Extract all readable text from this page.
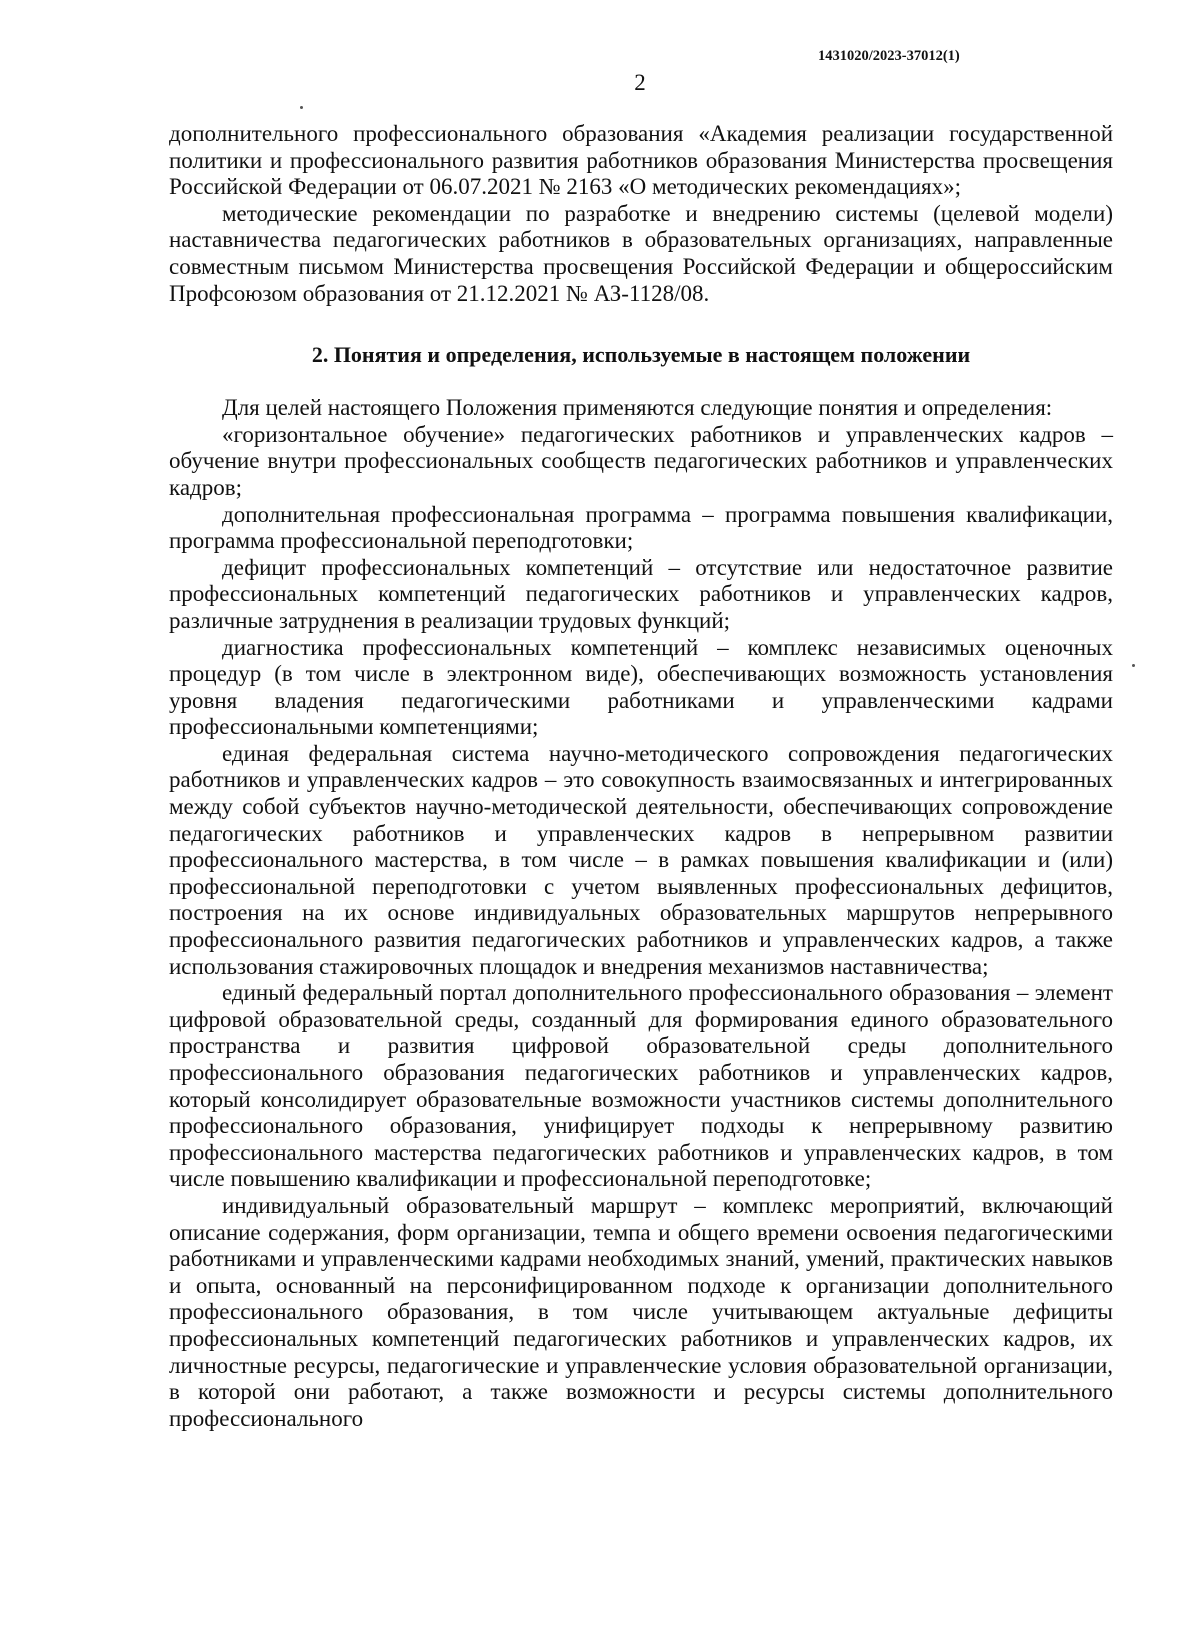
1431020/2023-37012(1)
2

дополнительного профессионального образования «Академия реализации государственной политики и профессионального развития работников образования Министерства просвещения Российской Федерации от 06.07.2021 № 2163 «О методических рекомендациях»;

методические рекомендации по разработке и внедрению системы (целевой модели) наставничества педагогических работников в образовательных организациях, направленные совместным письмом Министерства просвещения Российской Федерации и общероссийским Профсоюзом образования от 21.12.2021 № АЗ-1128/08.

2. Понятия и определения, используемые в настоящем положении

Для целей настоящего Положения применяются следующие понятия и определения:

«горизонтальное обучение» педагогических работников и управленческих кадров – обучение внутри профессиональных сообществ педагогических работников и управленческих кадров;

дополнительная профессиональная программа – программа повышения квалификации, программа профессиональной переподготовки;

дефицит профессиональных компетенций – отсутствие или недостаточное развитие профессиональных компетенций педагогических работников и управленческих кадров, различные затруднения в реализации трудовых функций;

диагностика профессиональных компетенций – комплекс независимых оценочных процедур (в том числе в электронном виде), обеспечивающих возможность установления уровня владения педагогическими работниками и управленческими кадрами профессиональными компетенциями;

единая федеральная система научно-методического сопровождения педагогических работников и управленческих кадров – это совокупность взаимосвязанных и интегрированных между собой субъектов научно-методической деятельности, обеспечивающих сопровождение педагогических работников и управленческих кадров в непрерывном развитии профессионального мастерства, в том числе – в рамках повышения квалификации и (или) профессиональной переподготовки с учетом выявленных профессиональных дефицитов, построения на их основе индивидуальных образовательных маршрутов непрерывного профессионального развития педагогических работников и управленческих кадров, а также использования стажировочных площадок и внедрения механизмов наставничества;

единый федеральный портал дополнительного профессионального образования – элемент цифровой образовательной среды, созданный для формирования единого образовательного пространства и развития цифровой образовательной среды дополнительного профессионального образования педагогических работников и управленческих кадров, который консолидирует образовательные возможности участников системы дополнительного профессионального образования, унифицирует подходы к непрерывному развитию профессионального мастерства педагогических работников и управленческих кадров, в том числе повышению квалификации и профессиональной переподготовке;

индивидуальный образовательный маршрут – комплекс мероприятий, включающий описание содержания, форм организации, темпа и общего времени освоения педагогическими работниками и управленческими кадрами необходимых знаний, умений, практических навыков и опыта, основанный на персонифицированном подходе к организации дополнительного профессионального образования, в том числе учитывающем актуальные дефициты профессиональных компетенций педагогических работников и управленческих кадров, их личностные ресурсы, педагогические и управленческие условия образовательной организации, в которой они работают, а также возможности и ресурсы системы дополнительного профессионального
